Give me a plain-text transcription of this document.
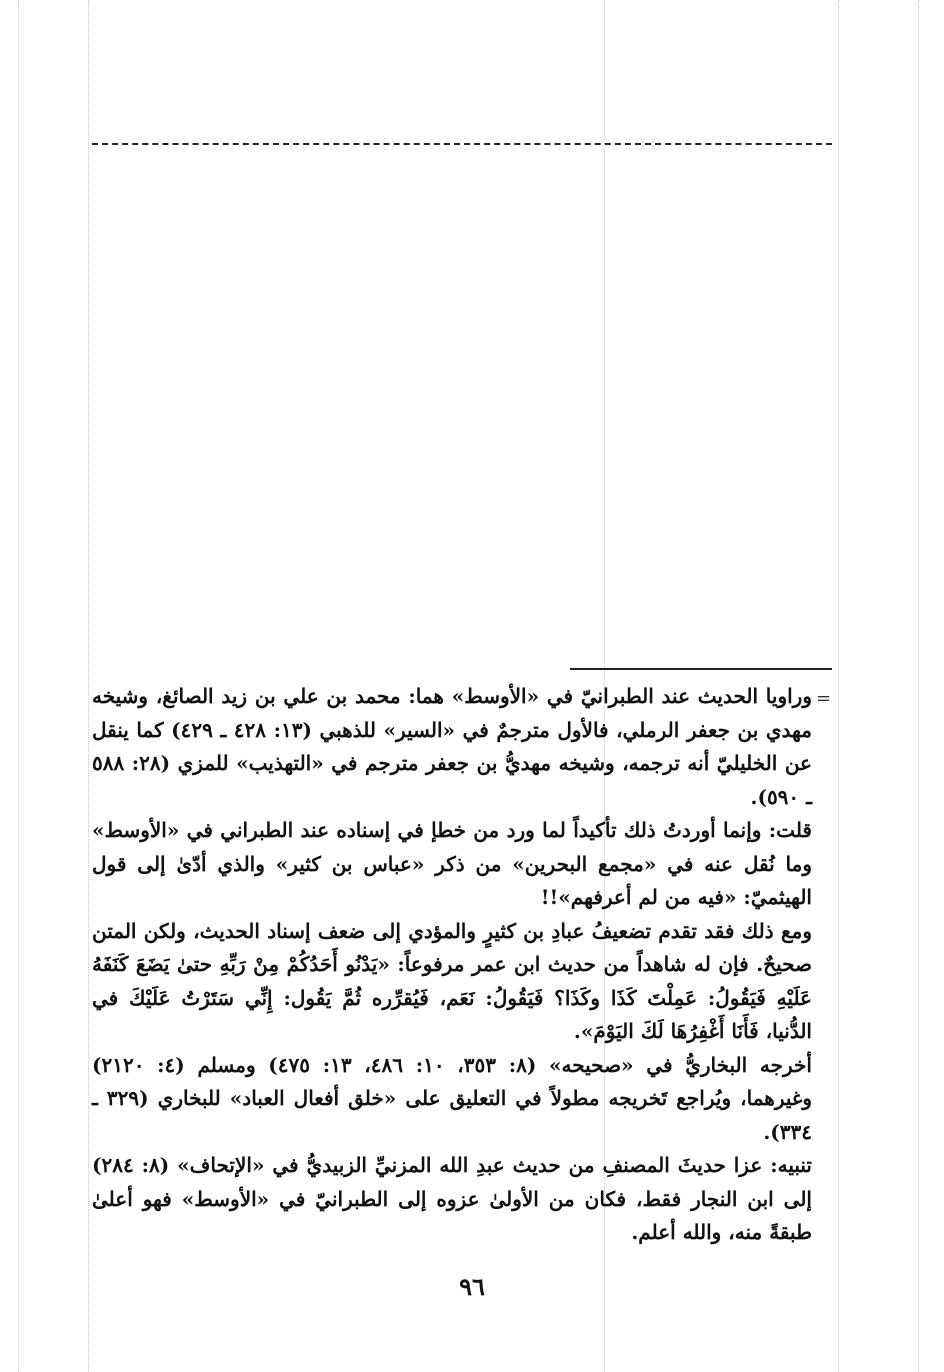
=

وراويا الحديث عند الطبرانيّ في «الأوسط» هما: محمد بن علي بن زيد الصائغ، وشيخه مهدي بن جعفر الرملي، فالأول مترجمٌ في «السير» للذهبي (١٣: ٤٢٨ ـ ٤٢٩) كما ينقل عن الخليليّ أنه ترجمه، وشيخه مهديُّ بن جعفر مترجم في «التهذيب» للمزي (٢٨: ٥٨٨ ـ ٥٩٠).

قلت: وإنما أوردتُ ذلك تأكيداً لما ورد من خطإ في إسناده عند الطبراني في «الأوسط» وما نُقل عنه في «مجمع البحرين» من ذكر «عباس بن كثير» والذي أدّىٰ إلى قول الهيثميّ: «فيه من لم أعرفهم»!!

ومع ذلك فقد تقدم تضعيفُ عبادِ بن كثيرٍ والمؤدي إلى ضعف إسناد الحديث، ولكن المتن صحيحٌ. فإن له شاهداً من حديث ابن عمر مرفوعاً: «يَدْنُو أَحَدُكُمْ مِنْ رَبِّهِ حتىٰ يَضَعَ كَنَفَهُ عَلَيْهِ فَيَقُولُ: عَمِلْتَ كَذَا وكَذَا؟ فَيَقُولُ: نَعَم، فَيُقرِّره ثُمَّ يَقُول: إِنِّي سَتَرْتُ عَلَيْكَ في الدُّنيا، فَأَنَا أَغْفِرُهَا لَكَ اليَوْمَ».

أخرجه البخاريُّ في «صحيحه» (٨: ٣٥٣، ١٠: ٤٨٦، ١٣: ٤٧٥) ومسلم (٤: ٢١٢٠) وغيرهما، ويُراجع تَخريجه مطولاً في التعليق على «خلق أفعال العباد» للبخاري (٣٢٩ ـ ٣٣٤).

تنبيه: عزا حديثَ المصنفِ من حديث عبدِ الله المزنيِّ الزبيديُّ في «الإتحاف» (٨: ٢٨٤) إلى ابن النجار فقط، فكان من الأولىٰ عزوه إلى الطبرانيّ في «الأوسط» فهو أعلىٰ طبقةً منه، والله أعلم.

٩٦
